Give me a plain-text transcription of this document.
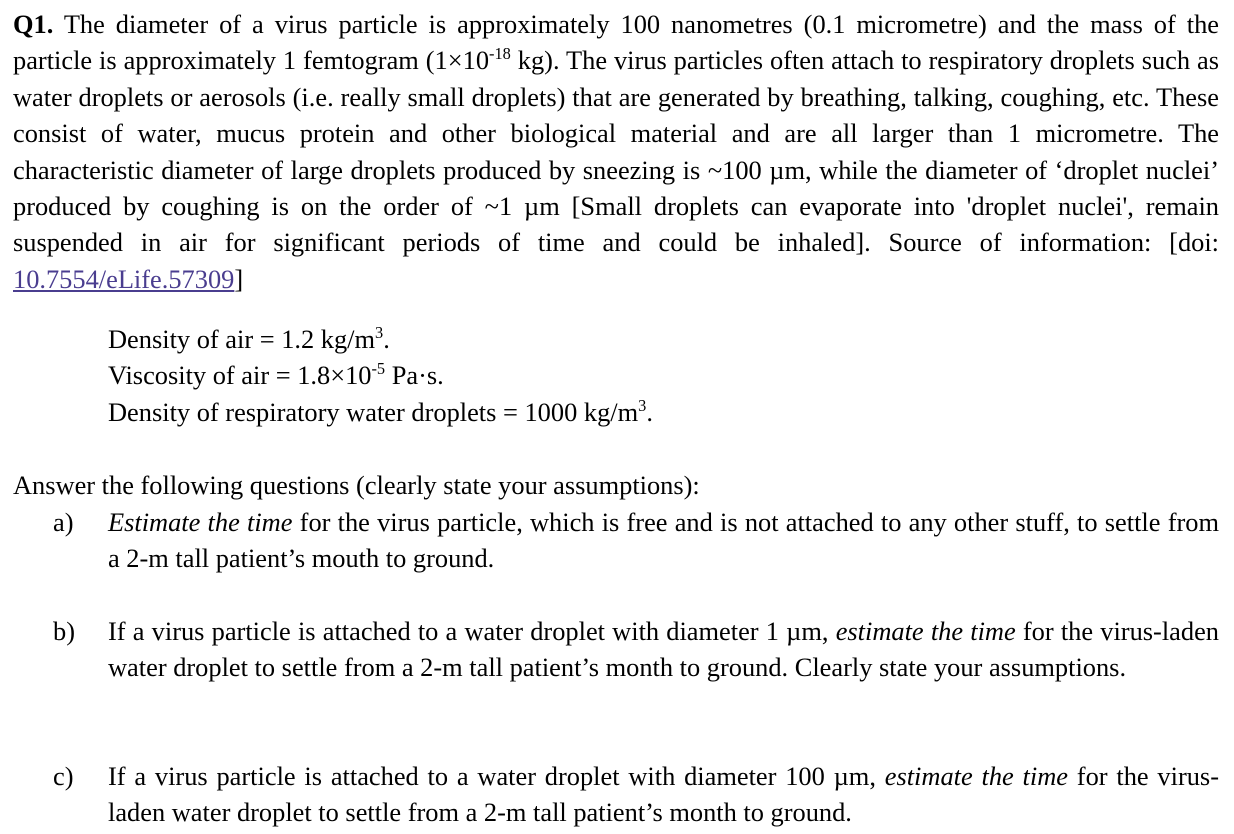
Q1. The diameter of a virus particle is approximately 100 nanometres (0.1 micrometre) and the mass of the particle is approximately 1 femtogram ($1\times 10^{-18}$ kg). The virus particles often attach to respiratory droplets such as water droplets or aerosols (i.e. really small droplets) that are generated by breathing, talking, coughing, etc. These consist of water, mucus protein and other biological material and are all larger than 1 micrometre. The characteristic diameter of large droplets produced by sneezing is ~100 µm, while the diameter of ‘droplet nuclei’ produced by coughing is on the order of ~1 µm [Small droplets can evaporate into 'droplet nuclei', remain suspended in air for significant periods of time and could be inhaled]. Source of information: [doi: 10.7554/eLife.57309]

Density of air = 1.2 $kg/m^3$.
Viscosity of air = $1.8\times 10^{-5}$ Pa·s.
Density of respiratory water droplets = 1000 $kg/m^3$.

Answer the following questions (clearly state your assumptions):

a) Estimate the time for the virus particle, which is free and is not attached to any other stuff, to settle from a 2-m tall patient’s mouth to ground.
b) If a virus particle is attached to a water droplet with diameter 1 µm, estimate the time for the virus-laden water droplet to settle from a 2-m tall patient’s month to ground. Clearly state your assumptions.
c) If a virus particle is attached to a water droplet with diameter 100 µm, estimate the time for the virus-laden water droplet to settle from a 2-m tall patient’s month to ground.
